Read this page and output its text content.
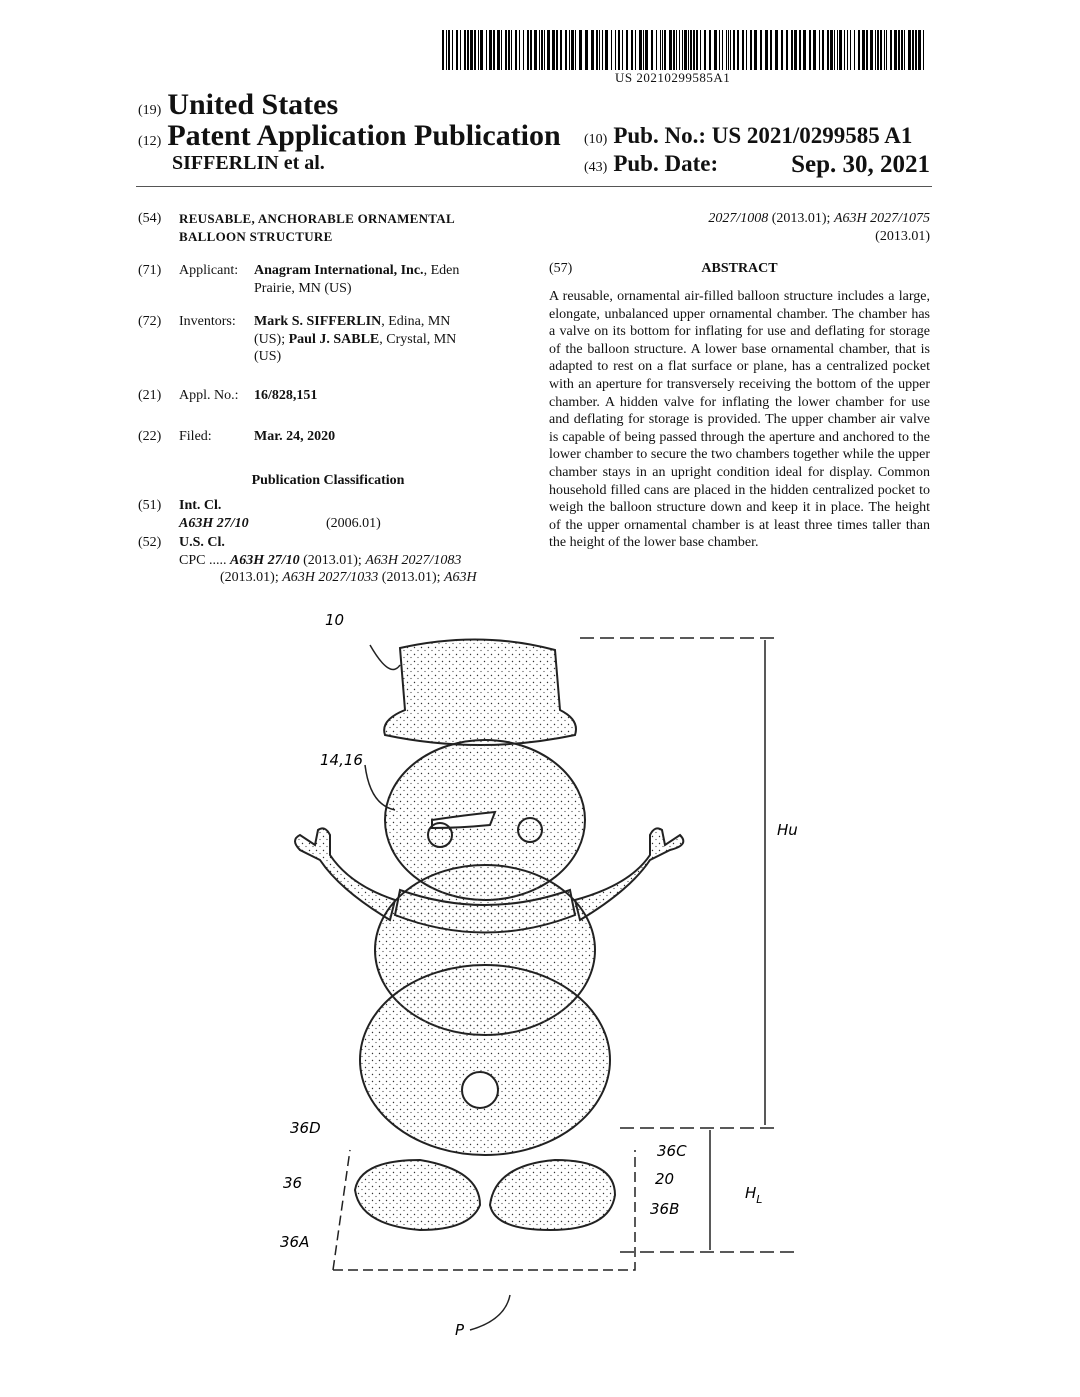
US 20210299585A1
(19) United States
(12) Patent Application Publication
SIFFERLIN et al.
(10) Pub. No.: US 2021/0299585 A1
(43) Pub. Date:	Sep. 30, 2021
(54) REUSABLE, ANCHORABLE ORNAMENTAL
BALLOON STRUCTURE
(71) Applicant: Anagram International, Inc., Eden
Prairie, MN (US)
(72) Inventors: Mark S. SIFFERLIN, Edina, MN
(US); Paul J. SABLE, Crystal, MN
(US)
(21) Appl. No.: 16/828,151
(22) Filed:	Mar. 24, 2020
Publication Classification
(51) Int. Cl.
A63H 27/10	(2006.01)
(52) U.S. Cl.
CPC ..... A63H 27/10 (2013.01); A63H 2027/1083
(2013.01); A63H 2027/1033 (2013.01); A63H
2027/1008 (2013.01); A63H 2027/1075
(2013.01)
(57)	ABSTRACT
A reusable, ornamental air-filled balloon structure includes a large, elongate, unbalanced upper ornamental chamber. The chamber has a valve on its bottom for inflating for use and deflating for storage of the balloon structure. A lower base ornamental chamber, that is adapted to rest on a flat surface or plane, has a centralized pocket with an aperture for transversely receiving the bottom of the upper chamber. A hidden valve for inflating the lower chamber for use and deflating for storage is provided. The upper chamber air valve is capable of being passed through the aperture and anchored to the lower chamber to secure the two chambers together while the upper chamber stays in an upright condition ideal for display. Common household filled cans are placed in the hidden centralized pocket to weigh the balloon structure down and keep it in place. The height of the upper ornamental chamber is at least three times taller than the height of the lower base chamber.
10
14,16
Hu
36D
36C
20
36
36B
36A
$H_L$
P
